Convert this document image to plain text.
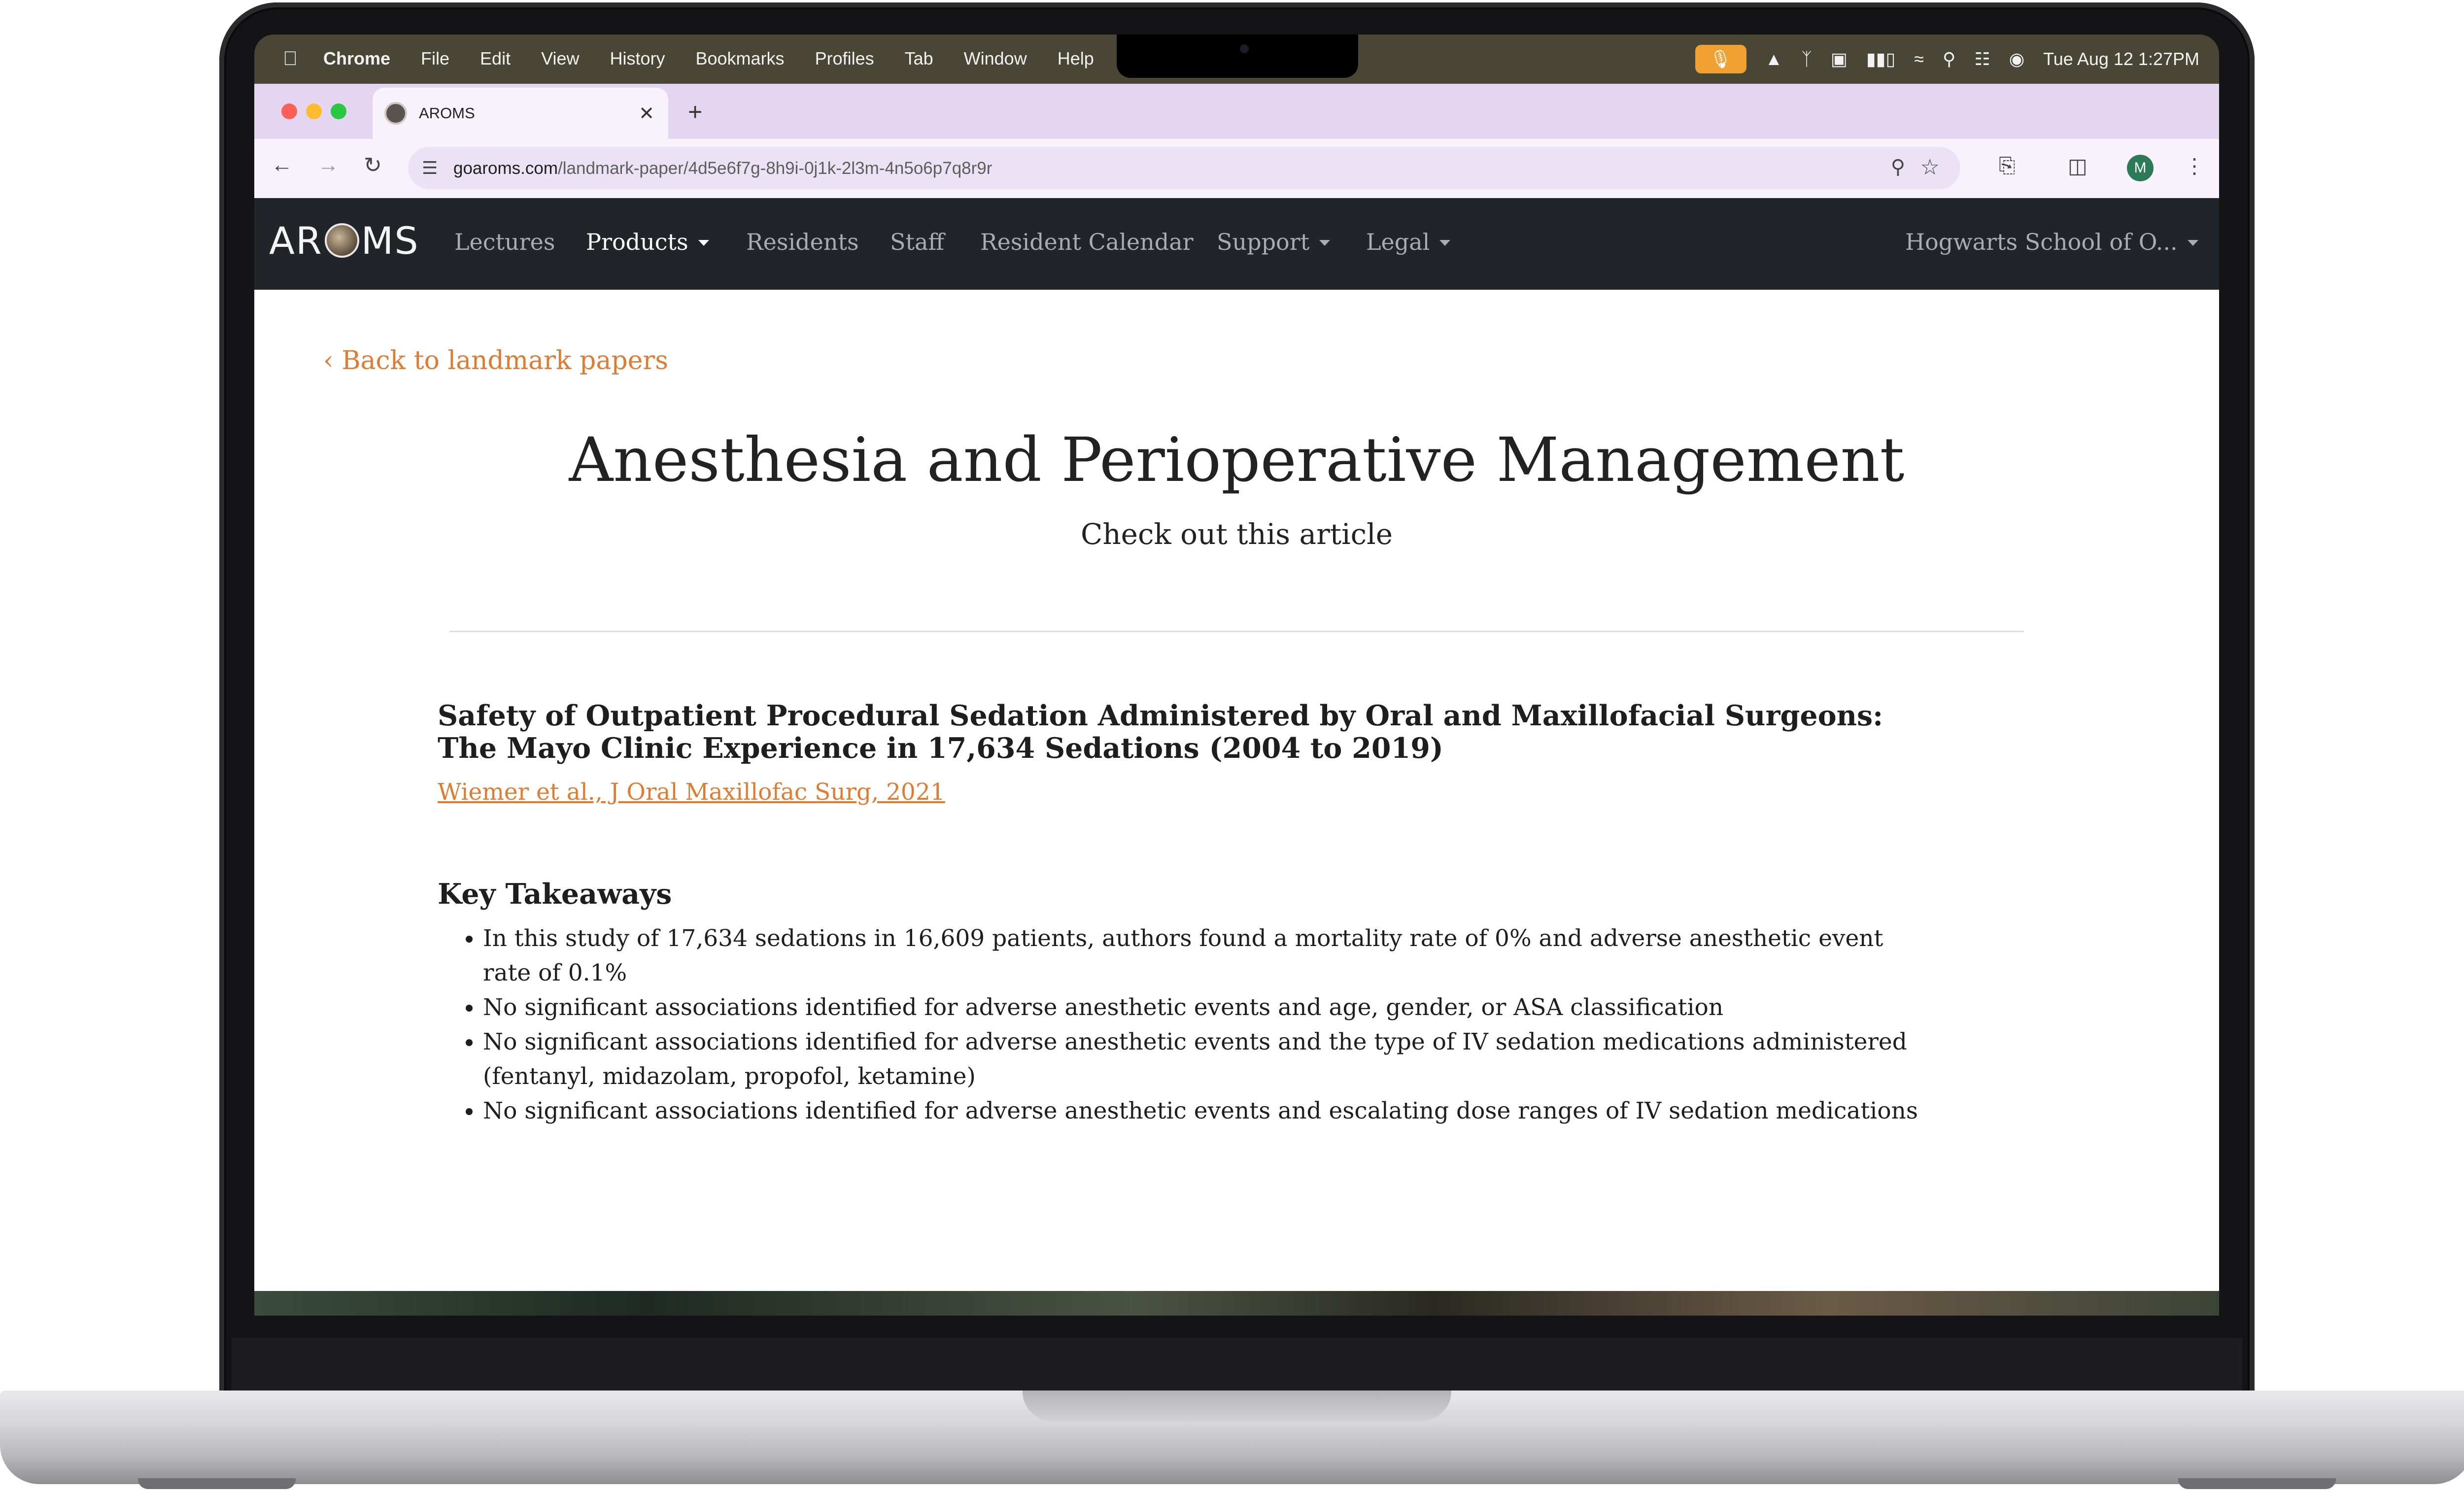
Chrome File Edit View History Bookmarks Profiles Tab Window Help	🎙	▲ ᛉ ▣ ▮▮▯ ≈ ⚲ ☷ ◉ Tue Aug 12 1:27PM
AROMS	✕ +
← → ↻ ☰ goaroms.com/landmark-paper/4d5e6f7g-8h9i-0j1k-2l3m-4n5o6p7q8r9r	⚲ ☆	⎘	◫	M	⋮
AR MS Lectures Products	Residents Staff Resident Calendar Support	Legal	Hogwarts School of O...
‹ Back to landmark papers
Anesthesia and Perioperative Management
Check out this article
Safety of Outpatient Procedural Sedation Administered by Oral and Maxillofacial Surgeons: The Mayo Clinic Experience in 17,634 Sedations (2004 to 2019)
Wiemer et al., J Oral Maxillofac Surg, 2021
Key Takeaways
• In this study of 17,634 sedations in 16,609 patients, authors found a mortality rate of 0% and adverse anesthetic event rate of 0.1%
• No significant associations identified for adverse anesthetic events and age, gender, or ASA classification
• No significant associations identified for adverse anesthetic events and the type of IV sedation medications administered (fentanyl, midazolam, propofol, ketamine)
• No significant associations identified for adverse anesthetic events and escalating dose ranges of IV sedation medications
